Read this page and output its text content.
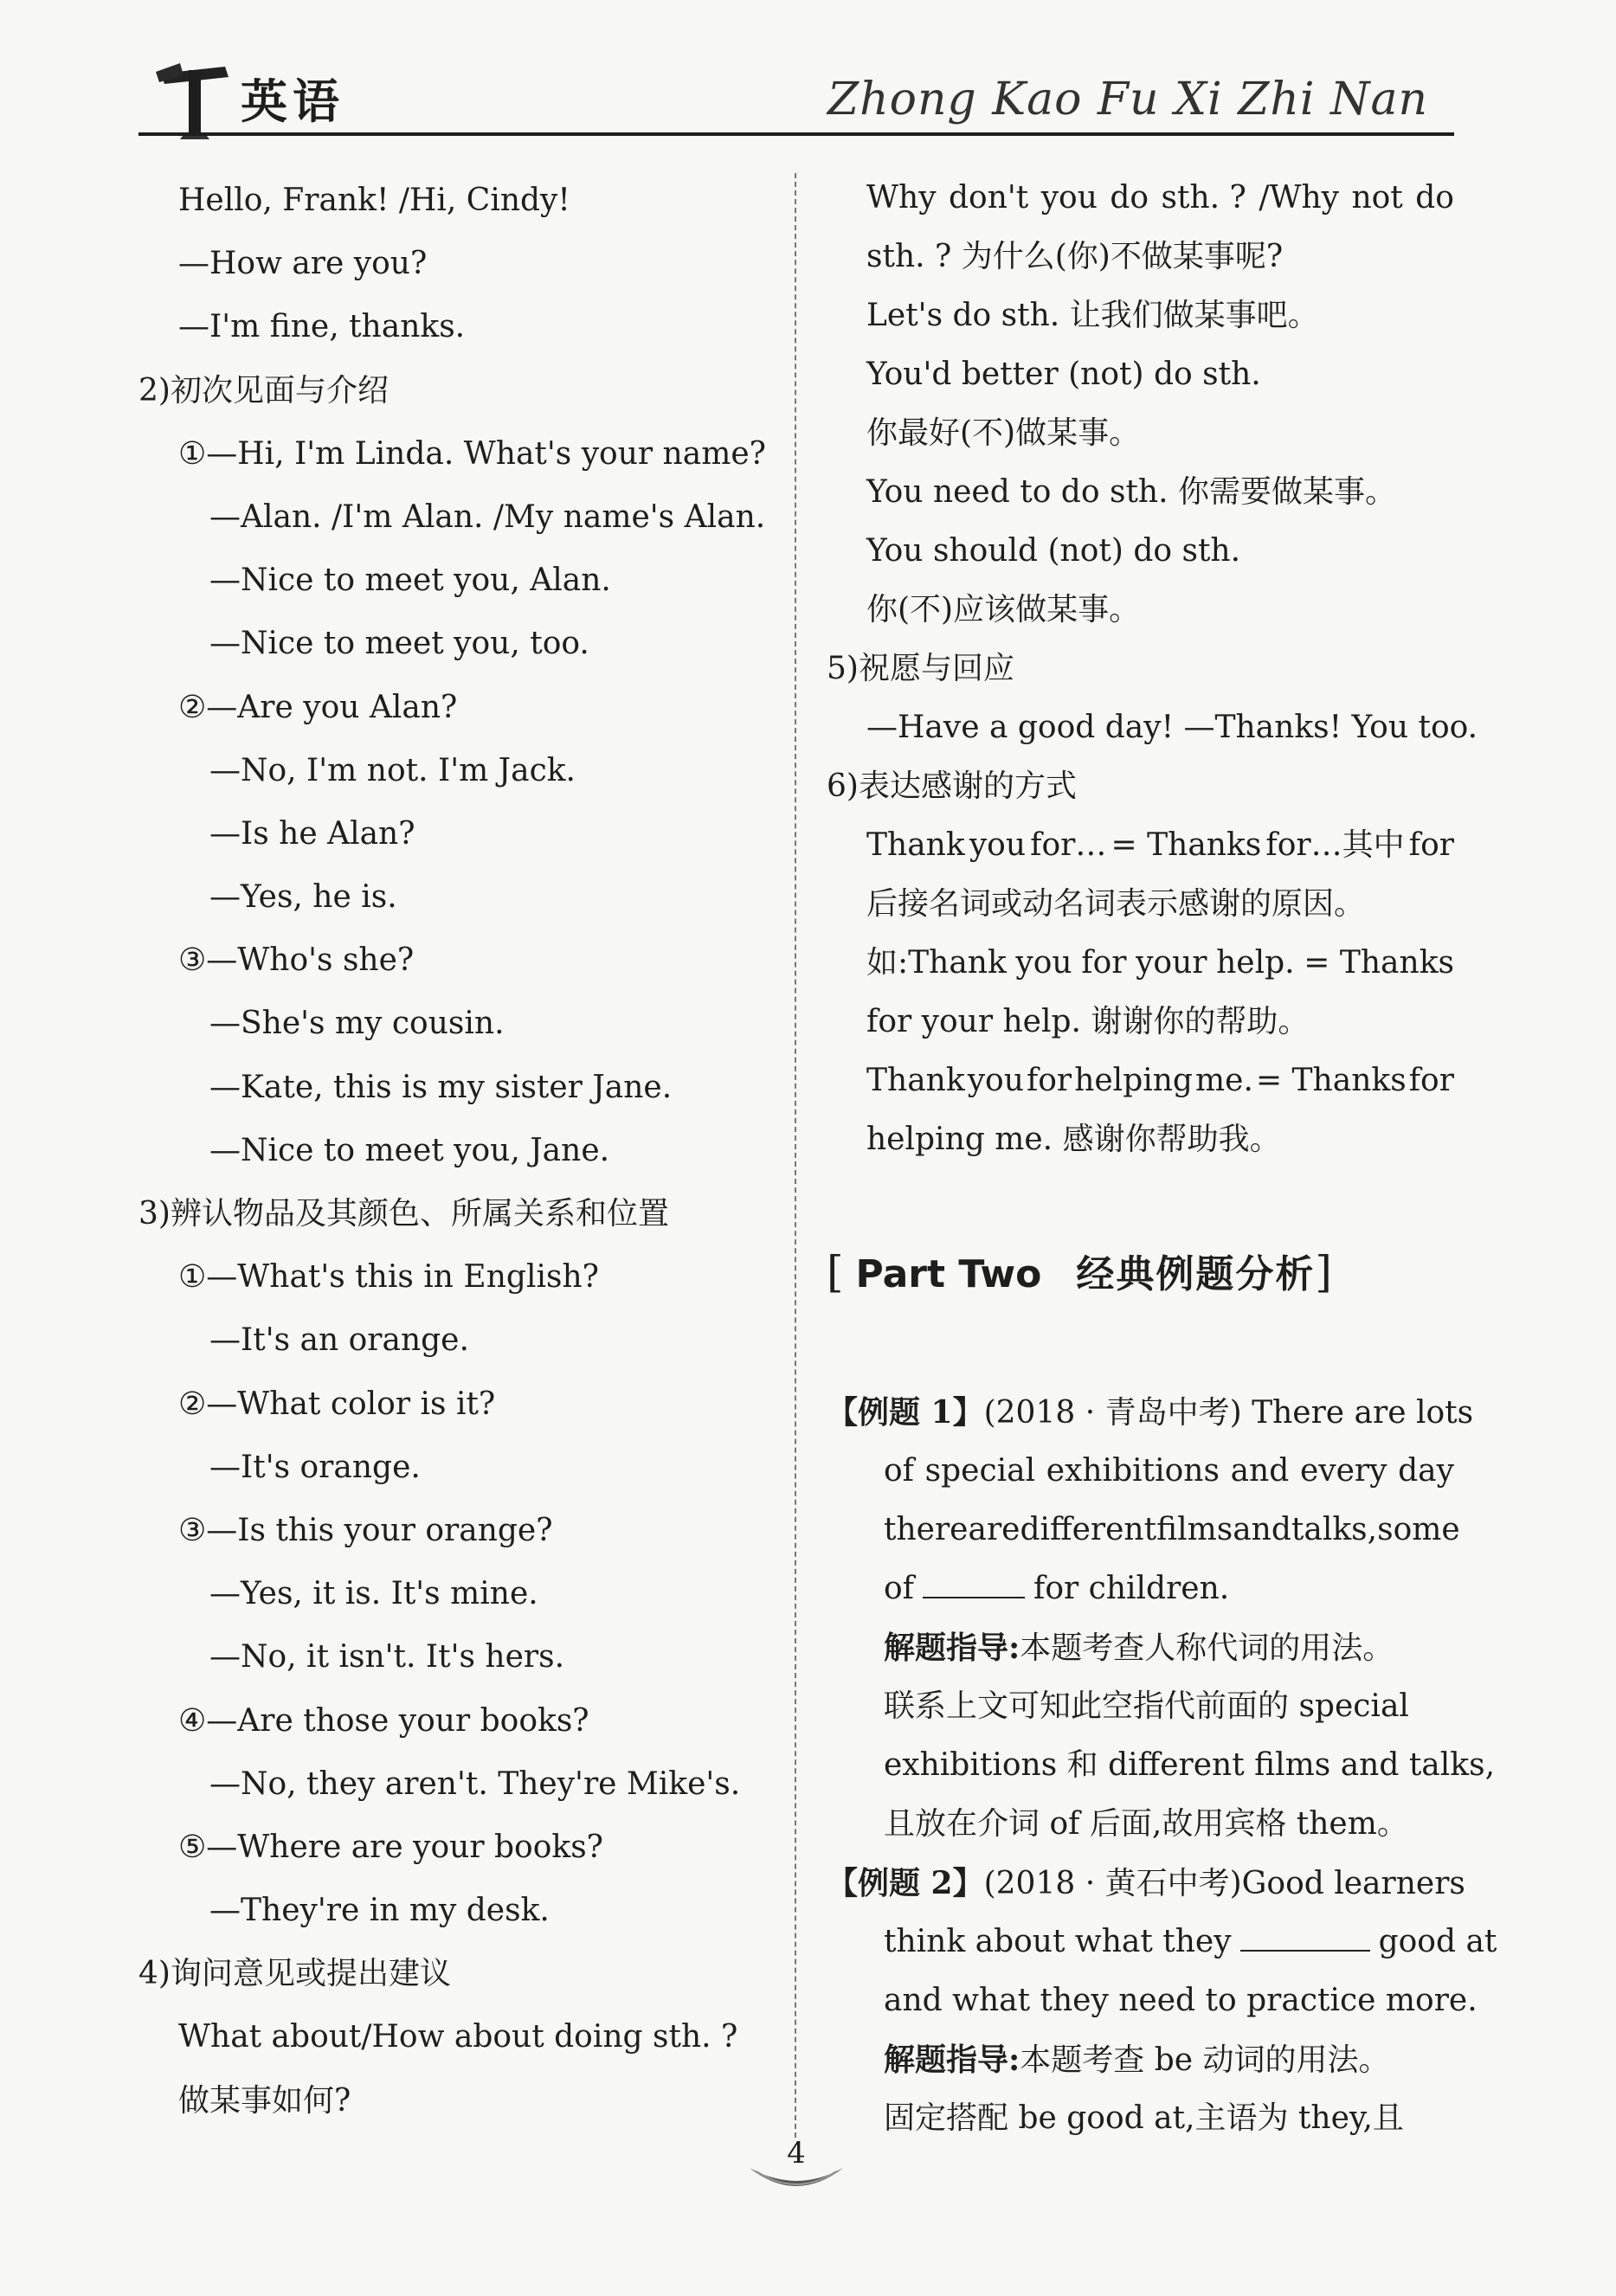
英语	Zhong Kao Fu Xi Zhi Nan
Hello, Frank! /Hi, Cindy!
—How are you?
—I'm fine, thanks.
2)初次见面与介绍
①—Hi, I'm Linda. What's your name?
—Alan. /I'm Alan. /My name's Alan.
—Nice to meet you, Alan.
—Nice to meet you, too.
②—Are you Alan?
—No, I'm not. I'm Jack.
—Is he Alan?
—Yes, he is.
③—Who's she?
—She's my cousin.
—Kate, this is my sister Jane.
—Nice to meet you, Jane.
3)辨认物品及其颜色、所属关系和位置
①—What's this in English?
—It's an orange.
②—What color is it?
—It's orange.
③—Is this your orange?
—Yes, it is. It's mine.
—No, it isn't. It's hers.
④—Are those your books?
—No, they aren't. They're Mike's.
⑤—Where are your books?
—They're in my desk.
4)询问意见或提出建议
What about/How about doing sth. ?
做某事如何?
Why don't you do sth. ? /Why not do
sth. ? 为什么(你)不做某事呢?
Let's do sth. 让我们做某事吧。
You'd better (not) do sth.
你最好(不)做某事。
You need to do sth. 你需要做某事。
You should (not) do sth.
你(不)应该做某事。
5)祝愿与回应
—Have a good day! —Thanks! You too.
6)表达感谢的方式
Thank you for… = Thanks for…其中 for
后接名词或动名词表示感谢的原因。
如:Thank you for your help. = Thanks
for your help. 谢谢你的帮助。
Thank you for helping me. = Thanks for
helping me. 感谢你帮助我。
[ Part Two 经典例题分析]
【例题 1】(2018 · 青岛中考) There are lots
of special exhibitions and every day
there are different films and talks, some
of	for children.
解题指导:本题考查人称代词的用法。
联系上文可知此空指代前面的 special
exhibitions 和 different films and talks,
且放在介词 of 后面,故用宾格 them。
【例题 2】(2018 · 黄石中考)Good learners
think about what they	good at
and what they need to practice more.
解题指导:本题考查 be 动词的用法。
固定搭配 be good at,主语为 they,且
4
